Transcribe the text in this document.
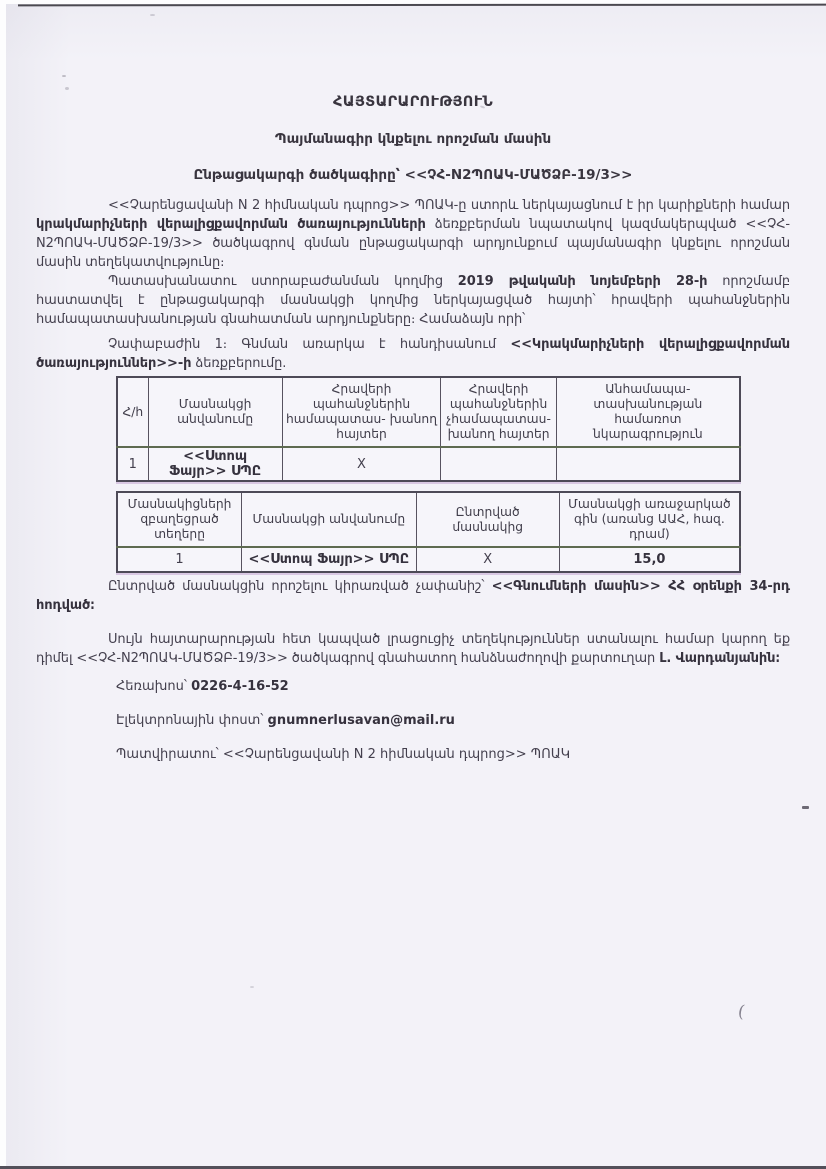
ՀԱՅՏԱՐԱՐՈՒԹՅՈՒՆ

Պայմանագիր կնքելու որոշման մասին

Ընթացակարգի ծածկագիրը՝ <<ՉՀ-N2ՊՈԱԿ-ՄԱԾՁԲ-19/3>>

<<Չարենցավանի N 2 հիմնական դպրոց>> ՊՈԱԿ-ը ստորև ներկայացնում է իր կարիքների համար կրակմարիչների վերալիցքավորման ծառայությունների ձեռքբերման նպատակով կազմակերպված <<ՉՀ-N2ՊՈԱԿ-ՄԱԾՁԲ-19/3>> ծածկագրով գնման ընթացակարգի արդյունքում պայմանագիր կնքելու որոշման մասին տեղեկատվությունը։

Պատասխանատու ստորաբաժանման կողմից 2019 թվականի նոյեմբերի 28-ի որոշմամբ հաստատվել է ընթացակարգի մասնակցի կողմից ներկայացված հայտի՝ հրավերի պահանջներին համապատասխանության գնահատման արդյունքները։ Համաձայն որի՝

Չափաբաժին 1։ Գնման առարկա է հանդիսանում <<Կրակմարիչների վերալիցքավորման ծառայություններ>>-ի ձեռքբերումը.

Հ/հ	Մասնակցի անվանումը	Հրավերի պահանջներին համապատաս- խանող հայտեր	Հրավերի պահանջներին չհամապատաս- խանող հայտեր	Անհամապա- տասխանության համառոտ նկարագրություն
1	<<Ստոպ Ֆայր>> ՍՊԸ	X		
Մասնակիցների զբաղեցրած տեղերը	Մասնակցի անվանումը	Ընտրված մասնակից	Մասնակցի առաջարկած գին (առանց ԱԱՀ, հազ. դրամ)
1	<<Ստոպ Ֆայր>> ՍՊԸ	X	15,0

Ընտրված մասնակցին որոշելու կիրառված չափանիշ՝ <<Գնումների մասին>> ՀՀ օրենքի 34-րդ հոդված։

Սույն հայտարարության հետ կապված լրացուցիչ տեղեկություններ ստանալու համար կարող եք դիմել <<ՉՀ-N2ՊՈԱԿ-ՄԱԾՁԲ-19/3>> ծածկագրով գնահատող հանձնաժողովի քարտուղար Լ. Վարդանյանին։

Հեռախոս՝ 0226-4-16-52

Էլեկտրոնային փոստ՝ gnumnerlusavan@mail.ru

Պատվիրատու՝ <<Չարենցավանի N 2 հիմնական դպրոց>> ՊՈԱԿ

(
